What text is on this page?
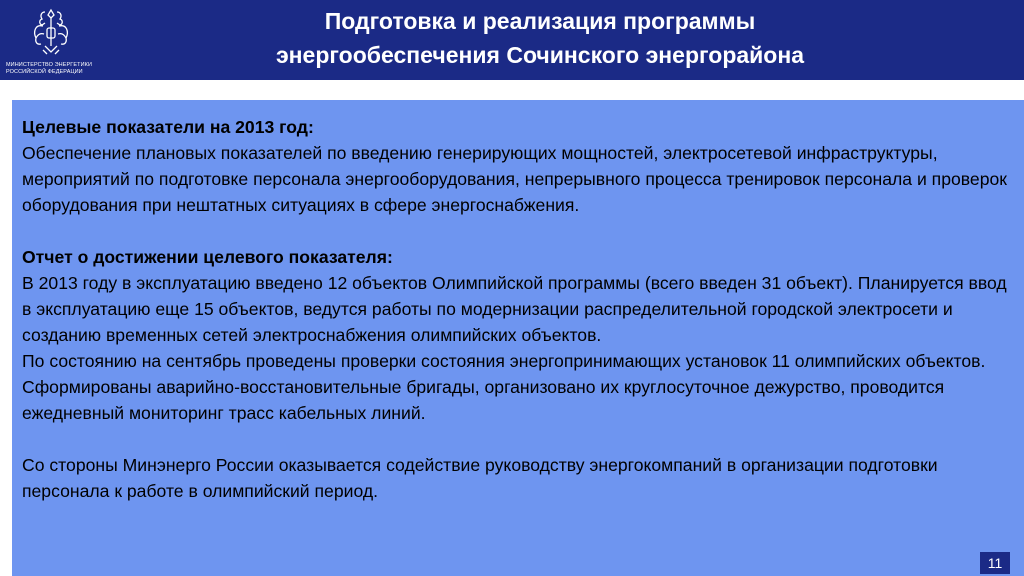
МИНИСТЕРСТВО ЭНЕРГЕТИКИ
РОССИЙСКОЙ ФЕДЕРАЦИИ
Подготовка и реализация программы
энергообеспечения Сочинского энергорайона

Целевые показатели на 2013 год:

Обеспечение плановых показателей по введению генерирующих мощностей, электросетевой инфраструктуры, мероприятий по подготовке персонала энергооборудования, непрерывного процесса тренировок персонала и проверок оборудования при нештатных ситуациях в сфере энергоснабжения.

Отчет о достижении целевого показателя:

В 2013 году в эксплуатацию введено 12 объектов Олимпийской программы (всего введен 31 объект). Планируется ввод в эксплуатацию еще 15 объектов, ведутся работы по модернизации распределительной городской электросети и созданию временных сетей электроснабжения олимпийских объектов.

По состоянию на сентябрь проведены проверки состояния энергопринимающих установок 11 олимпийских объектов. Сформированы аварийно-восстановительные бригады, организовано их круглосуточное дежурство, проводится ежедневный мониторинг трасс кабельных линий.

Со стороны Минэнерго России оказывается содействие руководству энергокомпаний в организации подготовки персонала к работе в олимпийский период.

11
